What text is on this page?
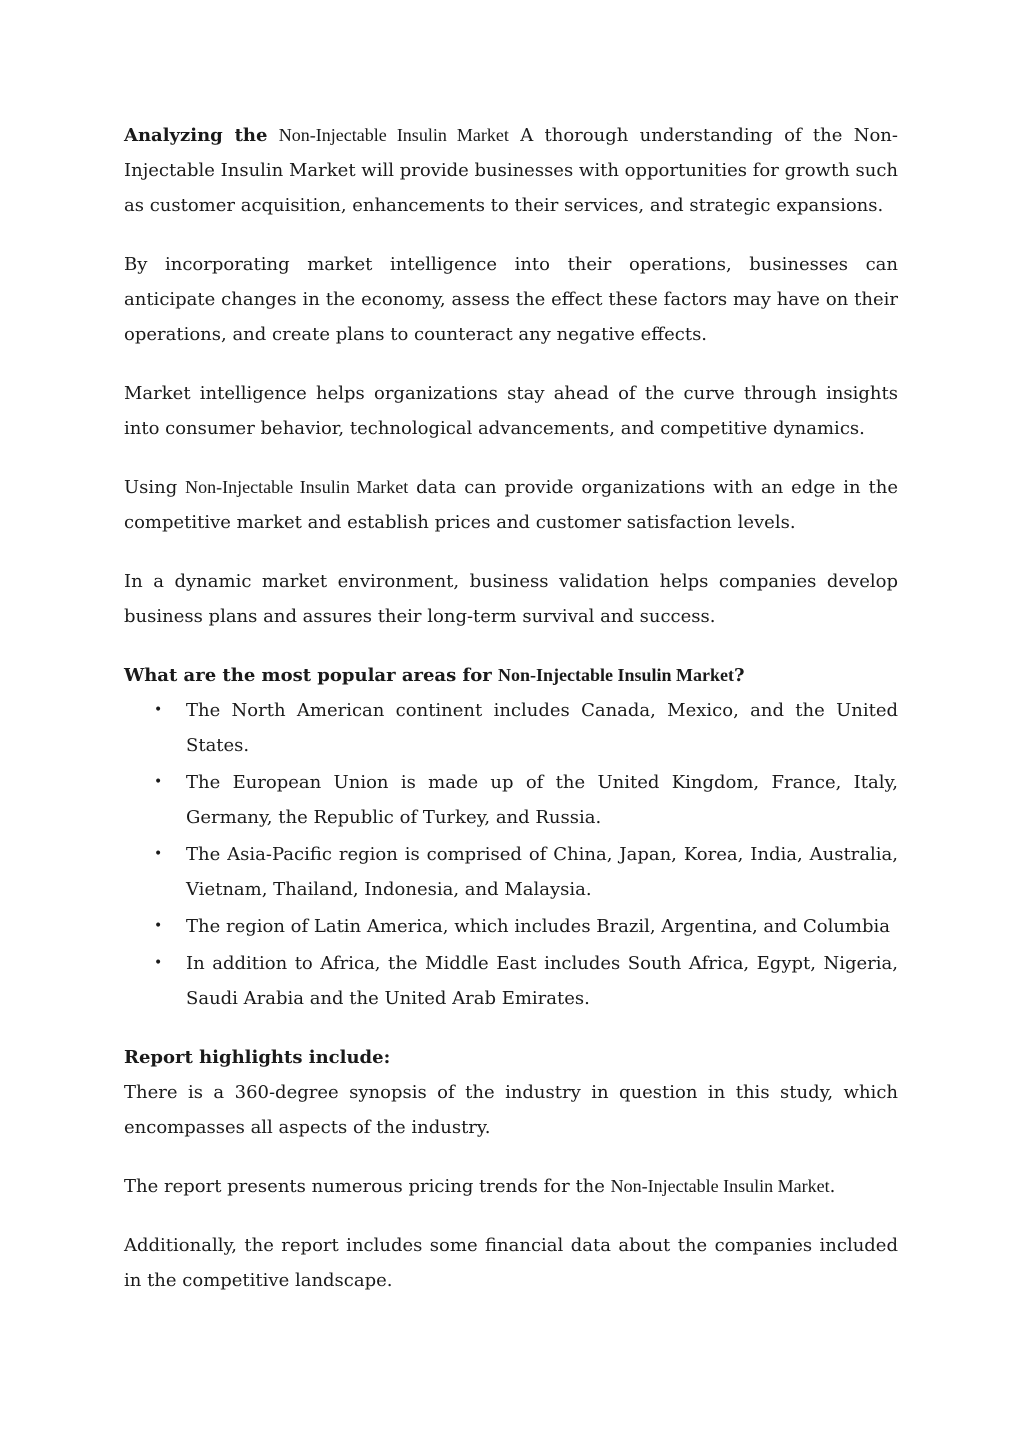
Analyzing the Non-Injectable Insulin Market A thorough understanding of the Non-Injectable Insulin Market will provide businesses with opportunities for growth such as customer acquisition, enhancements to their services, and strategic expansions.

By incorporating market intelligence into their operations, businesses can anticipate changes in the economy, assess the effect these factors may have on their operations, and create plans to counteract any negative effects.

Market intelligence helps organizations stay ahead of the curve through insights into consumer behavior, technological advancements, and competitive dynamics.

Using Non-Injectable Insulin Market data can provide organizations with an edge in the competitive market and establish prices and customer satisfaction levels.

In a dynamic market environment, business validation helps companies develop business plans and assures their long-term survival and success.

What are the most popular areas for Non-Injectable Insulin Market?

• The North American continent includes Canada, Mexico, and the United States.
• The European Union is made up of the United Kingdom, France, Italy, Germany, the Republic of Turkey, and Russia.
• The Asia-Pacific region is comprised of China, Japan, Korea, India, Australia, Vietnam, Thailand, Indonesia, and Malaysia.
• The region of Latin America, which includes Brazil, Argentina, and Columbia
• In addition to Africa, the Middle East includes South Africa, Egypt, Nigeria, Saudi Arabia and the United Arab Emirates.

Report highlights include:

There is a 360-degree synopsis of the industry in question in this study, which encompasses all aspects of the industry.

The report presents numerous pricing trends for the Non-Injectable Insulin Market.

Additionally, the report includes some financial data about the companies included in the competitive landscape.
